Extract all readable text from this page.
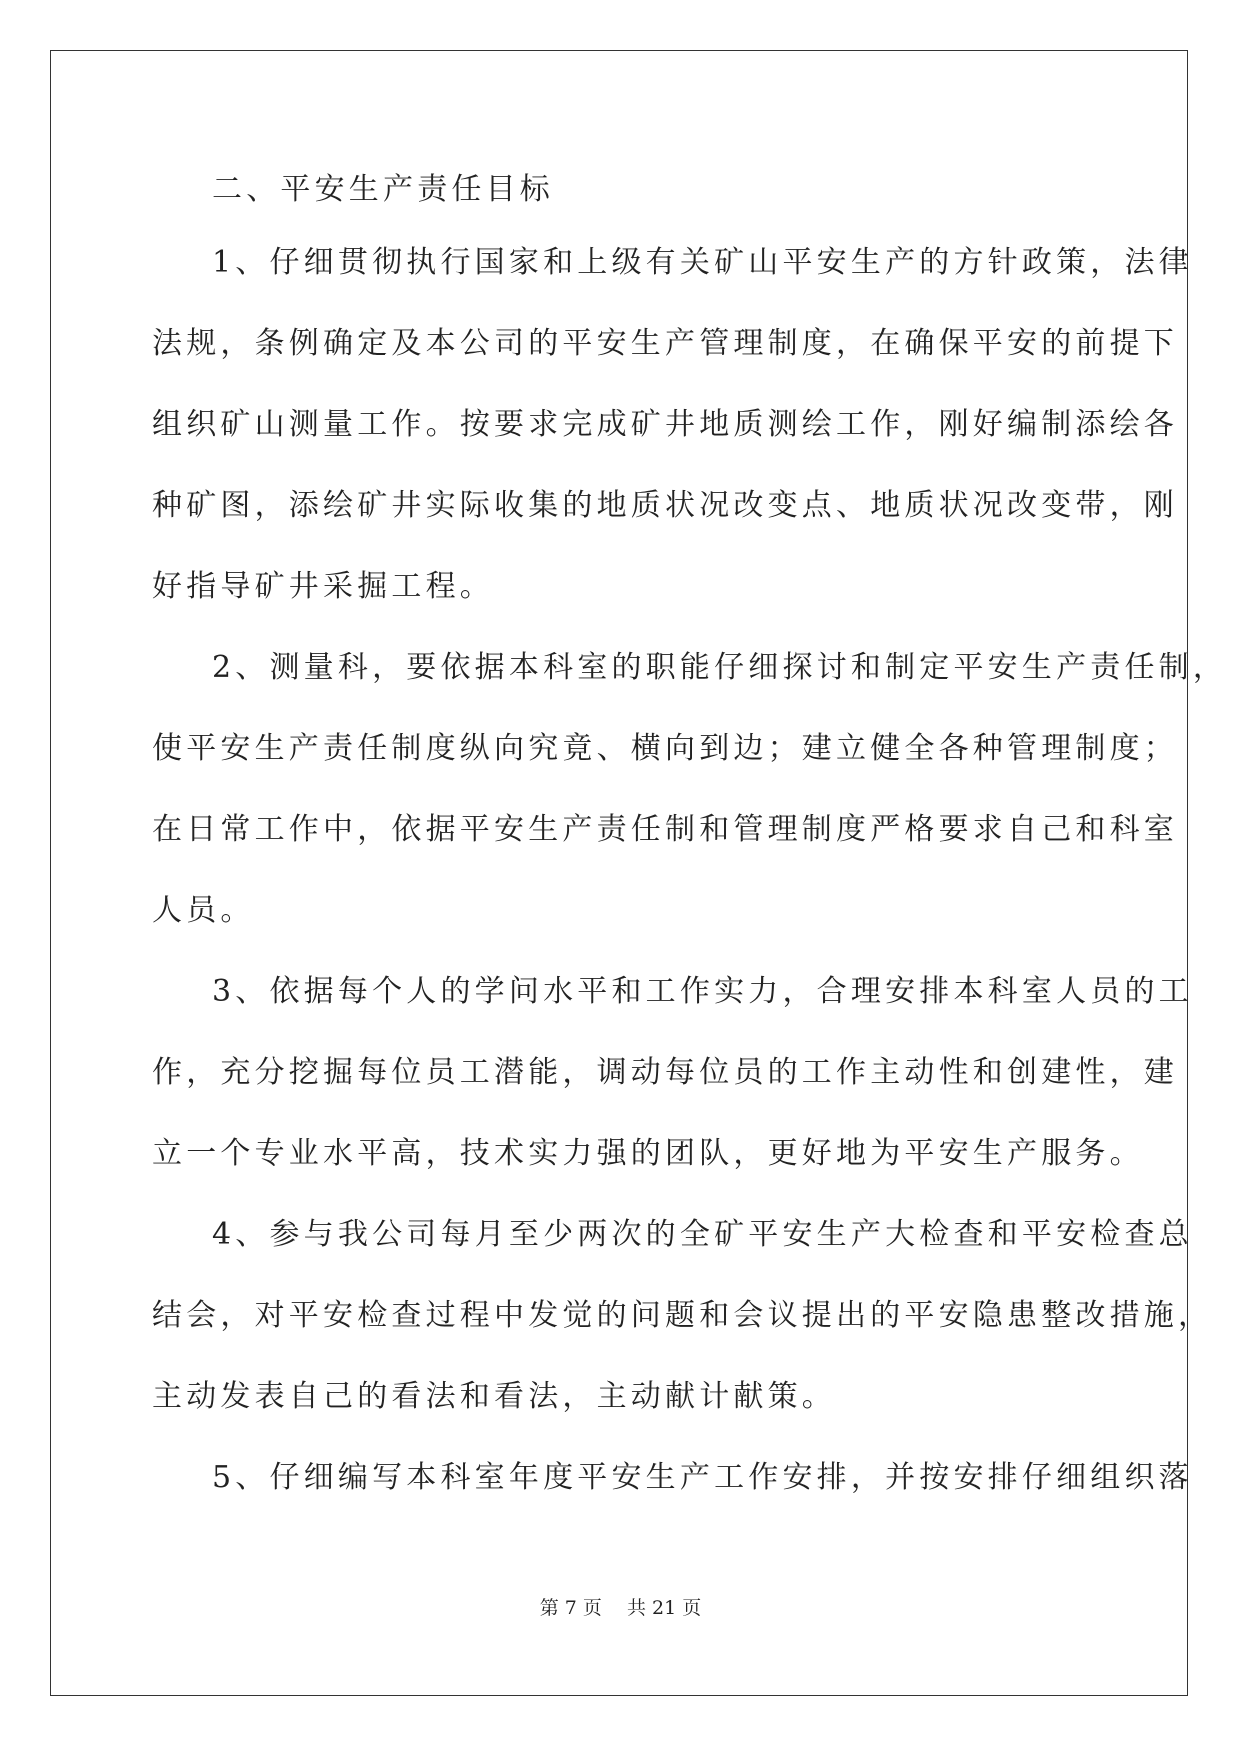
二、平安生产责任目标
1、仔细贯彻执行国家和上级有关矿山平安生产的方针政策，法律
法规，条例确定及本公司的平安生产管理制度，在确保平安的前提下
组织矿山测量工作。按要求完成矿井地质测绘工作，刚好编制添绘各
种矿图，添绘矿井实际收集的地质状况改变点、地质状况改变带，刚
好指导矿井采掘工程。
2、测量科，要依据本科室的职能仔细探讨和制定平安生产责任制，
使平安生产责任制度纵向究竟、横向到边；建立健全各种管理制度；
在日常工作中，依据平安生产责任制和管理制度严格要求自己和科室
人员。
3、依据每个人的学问水平和工作实力，合理安排本科室人员的工
作，充分挖掘每位员工潜能，调动每位员的工作主动性和创建性，建
立一个专业水平高，技术实力强的团队，更好地为平安生产服务。
4、参与我公司每月至少两次的全矿平安生产大检查和平安检查总
结会，对平安检查过程中发觉的问题和会议提出的平安隐患整改措施，
主动发表自己的看法和看法，主动献计献策。
5、仔细编写本科室年度平安生产工作安排，并按安排仔细组织落
第 7 页　 共 21 页
